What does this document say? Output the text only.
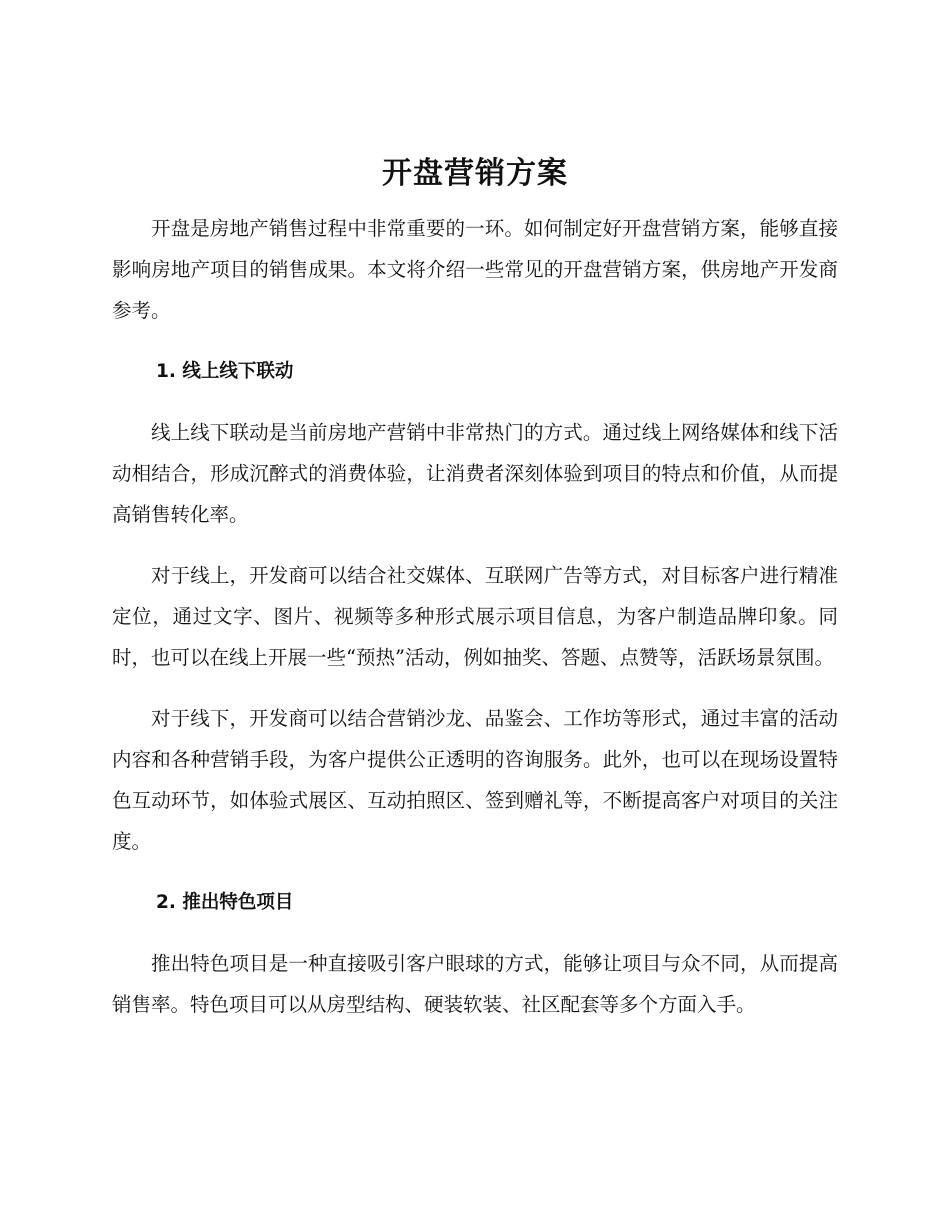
开盘营销方案

开盘是房地产销售过程中非常重要的一环。如何制定好开盘营销方案，能够直接影响房地产项目的销售成果。本文将介绍一些常见的开盘营销方案，供房地产开发商参考。

1. 线上线下联动

线上线下联动是当前房地产营销中非常热门的方式。通过线上网络媒体和线下活动相结合，形成沉醉式的消费体验，让消费者深刻体验到项目的特点和价值，从而提高销售转化率。

对于线上，开发商可以结合社交媒体、互联网广告等方式，对目标客户进行精准定位，通过文字、图片、视频等多种形式展示项目信息，为客户制造品牌印象。同时，也可以在线上开展一些“预热”活动，例如抽奖、答题、点赞等，活跃场景氛围。

对于线下，开发商可以结合营销沙龙、品鉴会、工作坊等形式，通过丰富的活动内容和各种营销手段，为客户提供公正透明的咨询服务。此外，也可以在现场设置特色互动环节，如体验式展区、互动拍照区、签到赠礼等，不断提高客户对项目的关注度。

2. 推出特色项目

推出特色项目是一种直接吸引客户眼球的方式，能够让项目与众不同，从而提高销售率。特色项目可以从房型结构、硬装软装、社区配套等多个方面入手。
